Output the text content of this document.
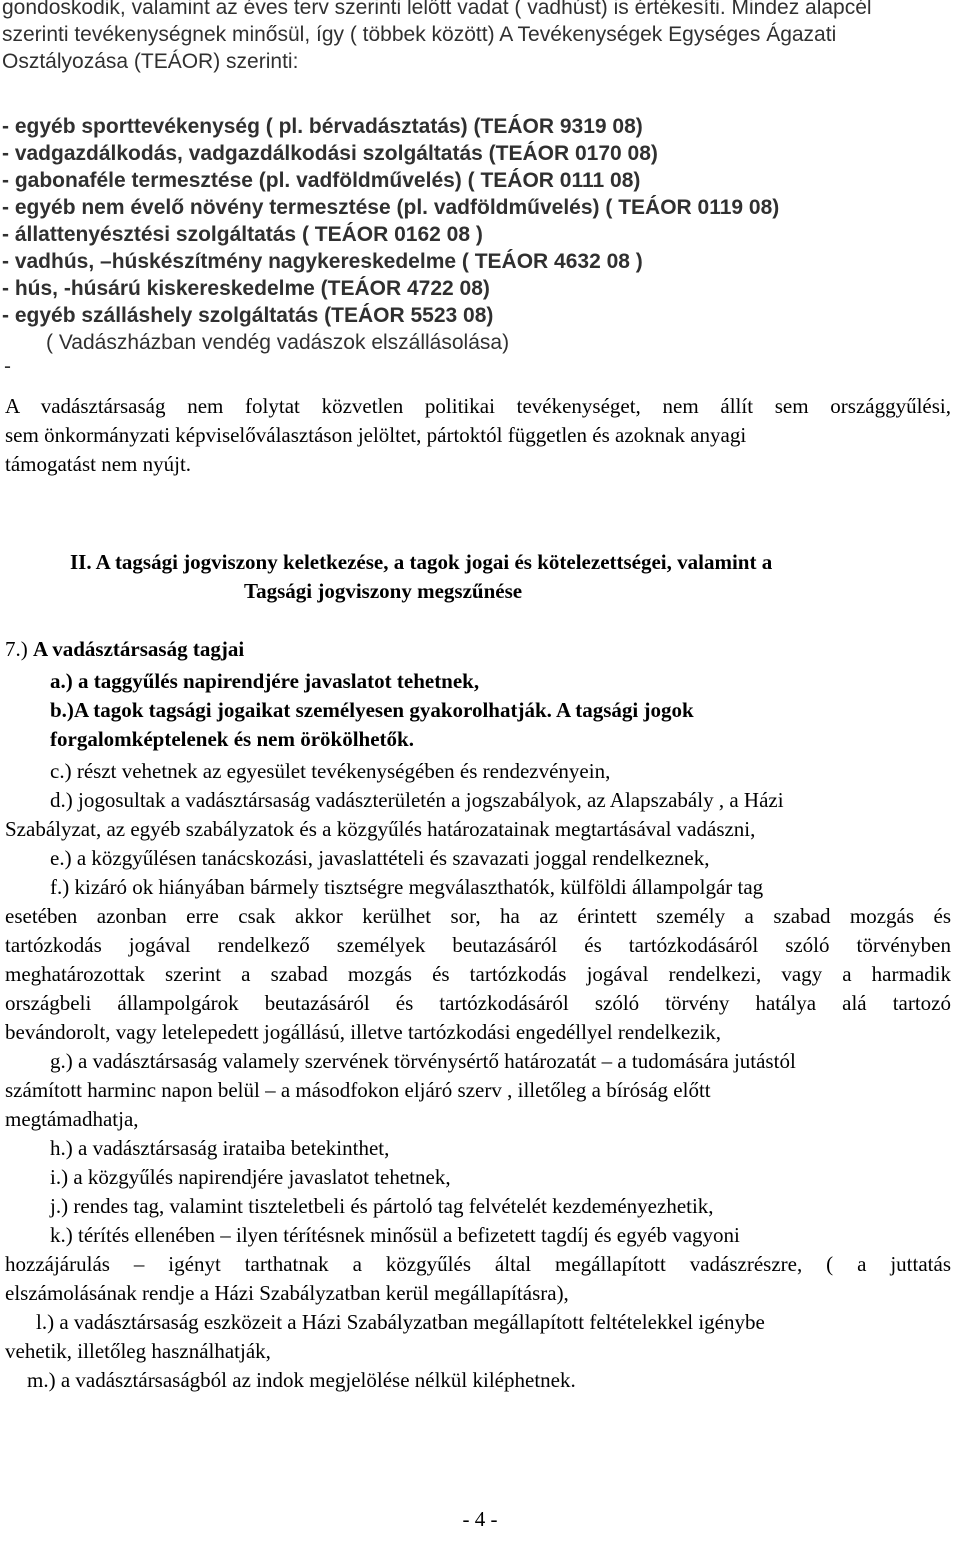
gondoskodik, valamint az éves terv szerinti lelőtt vadat ( vadhúst) is értékesíti. Mindez alapcél
szerinti tevékenységnek minősül, így ( többek között) A Tevékenységek Egységes Ágazati
Osztályozása (TEÁOR) szerinti:
- egyéb sporttevékenység ( pl. bérvadásztatás) (TEÁOR 9319 08)
- vadgazdálkodás, vadgazdálkodási szolgáltatás (TEÁOR 0170 08)
- gabonaféle termesztése (pl. vadföldművelés) ( TEÁOR 0111 08)
- egyéb nem évelő növény termesztése (pl. vadföldművelés) ( TEÁOR 0119 08)
- állattenyésztési szolgáltatás ( TEÁOR 0162 08 )
- vadhús, –húskészítmény nagykereskedelme ( TEÁOR 4632 08 )
- hús, -húsárú kiskereskedelme (TEÁOR 4722 08)
- egyéb szálláshely szolgáltatás (TEÁOR 5523 08)
( Vadászházban vendég vadászok elszállásolása)
-
A vadásztársaság nem folytat közvetlen politikai tevékenységet, nem állít sem országgyűlési,
sem önkormányzati képviselőválasztáson jelöltet, pártoktól független és azoknak anyagi
támogatást nem nyújt.
II. A tagsági jogviszony keletkezése, a tagok jogai és kötelezettségei, valamint a
Tagsági jogviszony megszűnése
7.) A vadásztársaság tagjai
a.) a taggyűlés napirendjére javaslatot tehetnek,
b.)A tagok tagsági jogaikat személyesen gyakorolhatják. A tagsági jogok
forgalomképtelenek és nem örökölhetők.
c.) részt vehetnek az egyesület tevékenységében és rendezvényein,
d.) jogosultak a vadásztársaság vadászterületén a jogszabályok, az Alapszabály , a Házi
Szabályzat, az egyéb szabályzatok és a közgyűlés határozatainak megtartásával vadászni,
e.) a közgyűlésen tanácskozási, javaslattételi és szavazati joggal rendelkeznek,
f.) kizáró ok hiányában bármely tisztségre megválaszthatók, külföldi állampolgár tag
esetében azonban erre csak akkor kerülhet sor, ha az érintett személy a szabad mozgás és
tartózkodás jogával rendelkező személyek beutazásáról és tartózkodásáról szóló törvényben
meghatározottak szerint a szabad mozgás és tartózkodás jogával rendelkezi, vagy a harmadik
országbeli állampolgárok beutazásáról és tartózkodásáról szóló törvény hatálya alá tartozó
bevándorolt, vagy letelepedett jogállású, illetve tartózkodási engedéllyel rendelkezik,
g.) a vadásztársaság valamely szervének törvénysértő határozatát – a tudomására jutástól
számított harminc napon belül – a másodfokon eljáró szerv , illetőleg a bíróság előtt
megtámadhatja,
h.) a vadásztársaság irataiba betekinthet,
i.) a közgyűlés napirendjére javaslatot tehetnek,
j.) rendes tag, valamint tiszteletbeli és pártoló tag felvételét kezdeményezhetik,
k.) térítés ellenében – ilyen térítésnek minősül a befizetett tagdíj és egyéb vagyoni
hozzájárulás – igényt tarthatnak a közgyűlés által megállapított vadászrészre, ( a juttatás
elszámolásának rendje a Házi Szabályzatban kerül megállapításra),
l.) a vadásztársaság eszközeit a Házi Szabályzatban megállapított feltételekkel igénybe
vehetik, illetőleg használhatják,
m.) a vadásztársaságból az indok megjelölése nélkül kiléphetnek.
- 4 -
